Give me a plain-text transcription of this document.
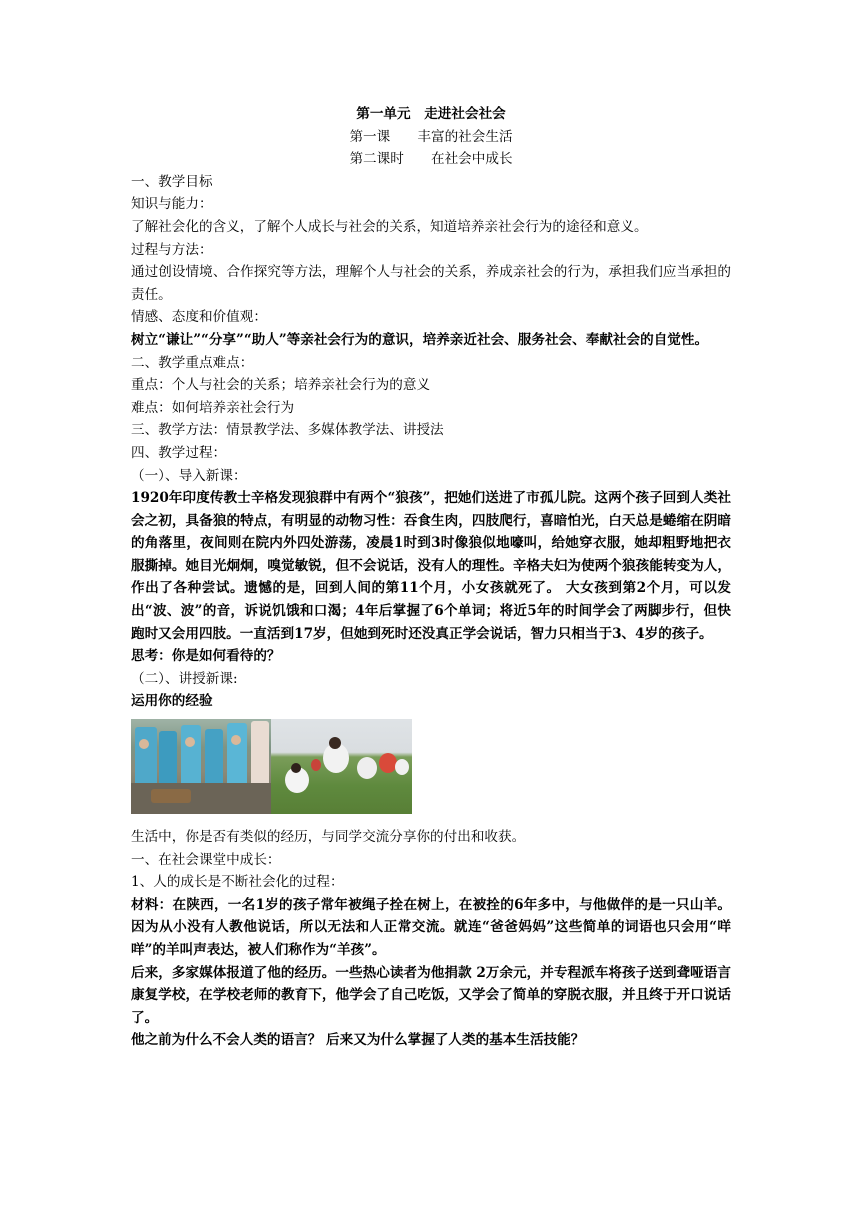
第一单元　走进社会社会

第一课　　丰富的社会生活

第二课时　　在社会中成长

一、教学目标

知识与能力：

了解社会化的含义，了解个人成长与社会的关系，知道培养亲社会行为的途径和意义。

过程与方法：

通过创设情境、合作探究等方法，理解个人与社会的关系，养成亲社会的行为，承担我们应当承担的责任。

情感、态度和价值观：

树立“谦让”“分享”“助人”等亲社会行为的意识，培养亲近社会、服务社会、奉献社会的自觉性。

二、教学重点难点：

重点：个人与社会的关系；培养亲社会行为的意义

难点：如何培养亲社会行为

三、教学方法：情景教学法、多媒体教学法、讲授法

四、教学过程：

（一）、导入新课：

1920年印度传教士辛格发现狼群中有两个“狼孩”，把她们送进了市孤儿院。这两个孩子回到人类社会之初，具备狼的特点，有明显的动物习性：吞食生肉，四肢爬行，喜暗怕光，白天总是蜷缩在阴暗的角落里，夜间则在院内外四处游荡，凌晨1时到3时像狼似地嚎叫，给她穿衣服，她却粗野地把衣服撕掉。她目光炯炯，嗅觉敏锐，但不会说话，没有人的理性。辛格夫妇为使两个狼孩能转变为人，作出了各种尝试。遗憾的是，回到人间的第11个月，小女孩就死了。 大女孩到第2个月，可以发出“波、波”的音，诉说饥饿和口渴；4年后掌握了6个单词；将近5年的时间学会了两脚步行，但快跑时又会用四肢。一直活到17岁，但她到死时还没真正学会说话，智力只相当于3、4岁的孩子。

思考：你是如何看待的？

（二）、讲授新课:

运用你的经验

生活中，你是否有类似的经历，与同学交流分享你的付出和收获。

一、在社会课堂中成长：

1、人的成长是不断社会化的过程：

材料：在陕西，一名1岁的孩子常年被绳子拴在树上，在被拴的6年多中，与他做伴的是一只山羊。因为从小没有人教他说话，所以无法和人正常交流。就连“爸爸妈妈”这些简单的词语也只会用“咩咩”的羊叫声表达，被人们称作为“羊孩”。

后来，多家媒体报道了他的经历。一些热心读者为他捐款 2万余元，并专程派车将孩子送到聋哑语言康复学校，在学校老师的教育下，他学会了自己吃饭，又学会了简单的穿脱衣服，并且终于开口说话了。

他之前为什么不会人类的语言？ 后来又为什么掌握了人类的基本生活技能？
